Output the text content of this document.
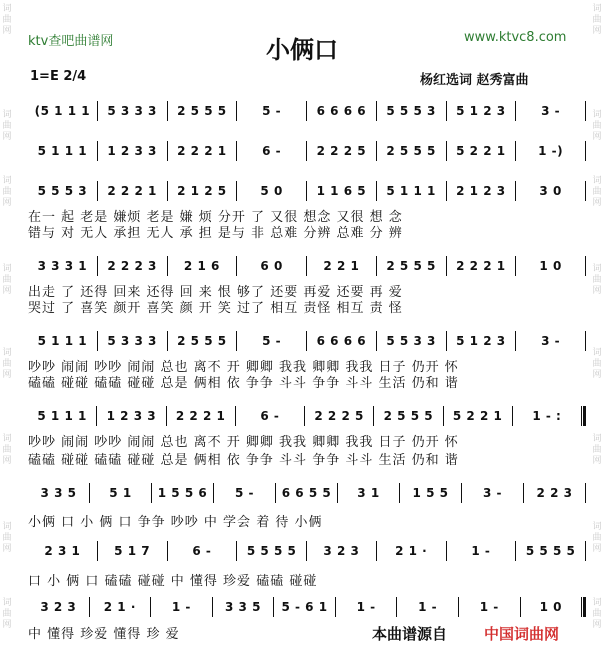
ktv查吧曲谱网	小俩口	www.ktvc8.com
1=E 2/4	杨红选词 赵秀富曲
词
曲
网
词
曲
网
词
曲
网
词
曲
网
词
曲
网
词
曲
网
词
曲
网
词
曲
网
词
曲
网
词
曲
网
词
曲
网
词
曲
网
词
曲
网
词
曲
网
词
曲
网
词
曲
网
(5 1 1 1	5 3 3 3	2 5 5 5	5 -	6 6 6 6	5 5 5 3	5 1 2 3	3 -
5 1 1 1	1 2 3 3	2 2 2 1	6 -	2 2 2 5	2 5 5 5	5 2 2 1	1 -)
5 5 5 3	2 2 2 1	2 1 2 5	5 0	1 1 6 5	5 1 1 1	2 1 2 3	3 0
在一 起 老是 嫌烦 老是 嫌 烦 分开 了 又很 想念 又很 想 念
错与 对 无人 承担 无人 承 担 是与 非 总难 分辨 总难 分 辨
3 3 3 1	2 2 2 3	2 1 6	6 0	2 2 1	2 5 5 5	2 2 2 1	1 0
出走 了 还得 回来 还得 回 来 恨 够了 还要 再爱 还要 再 爱
哭过 了 喜笑 颜开 喜笑 颜 开 笑 过了 相互 责怪 相互 责 怪
5 1 1 1	5 3 3 3	2 5 5 5	5 -	6 6 6 6	5 5 3 3	5 1 2 3	3 -
吵吵 闹闹 吵吵 闹闹 总也 离不 开 卿卿 我我 卿卿 我我 日子 仍开 怀
磕磕 碰碰 磕磕 碰碰 总是 俩相 依 争争 斗斗 争争 斗斗 生活 仍和 谐
5 1 1 1	1 2 3 3	2 2 2 1	6 -	2 2 2 5	2 5 5 5	5 2 2 1	1 - :
吵吵 闹闹 吵吵 闹闹 总也 离不 开 卿卿 我我 卿卿 我我 日子 仍开 怀
磕磕 碰碰 磕磕 碰碰 总是 俩相 依 争争 斗斗 争争 斗斗 生活 仍和 谐
3 3 5	5 1	1 5 5 6	5 -	6 6 5 5	3 1	1 5 5	3 -	2 2 3
小俩 口 小 俩 口 争争 吵吵 中 学会 着 待 小俩
2 3 1	5 1 7	6 -	5 5 5 5	3 2 3	2 1 ·	1 -	5 5 5 5
口 小 俩 口 磕磕 碰碰 中 懂得 珍爱 磕磕 碰碰
3 2 3	2 1 ·	1 -	3 3 5	5 - 6 1	1 -	1 -	1 -	1 0
中 懂得 珍爱 懂得 珍 爱	本曲谱源自 中国词曲网
